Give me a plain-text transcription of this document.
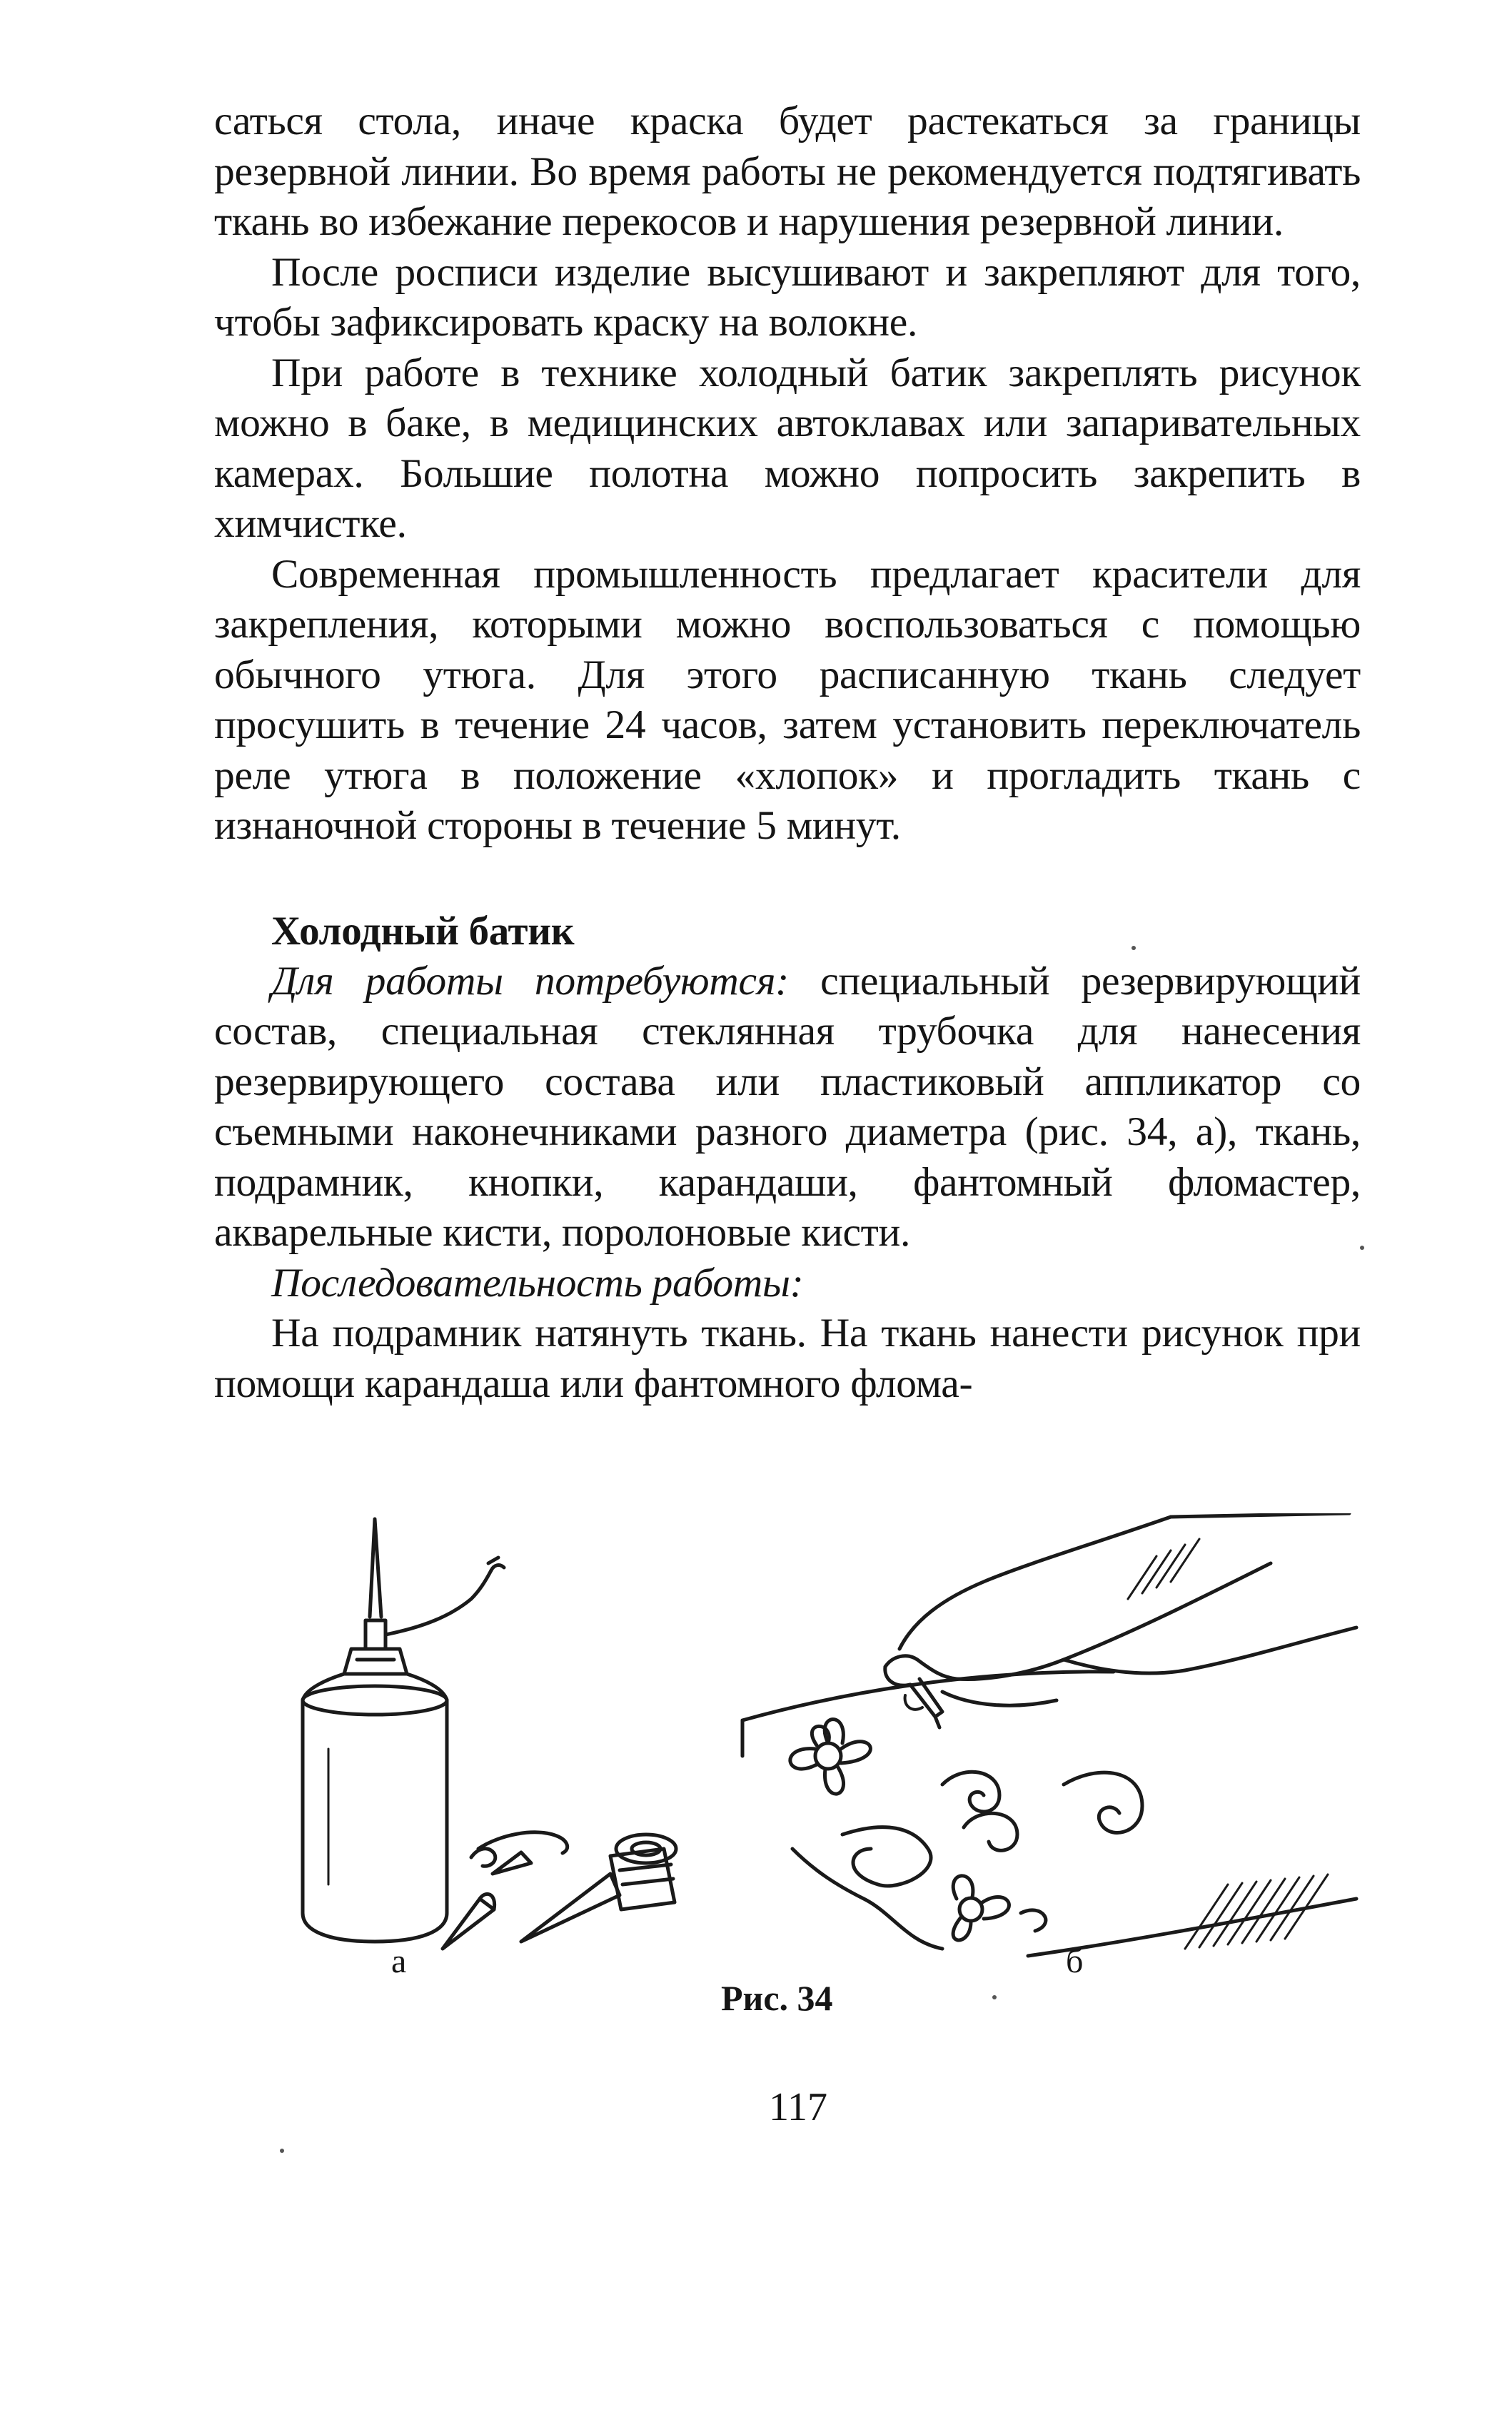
саться стола, иначе краска будет растекаться за границы резервной линии. Во время работы не рекомендуется подтягивать ткань во избежание перекосов и нарушения резервной линии.

После росписи изделие высушивают и закрепляют для того, чтобы зафиксировать краску на волокне.

При работе в технике холодный батик закреплять рисунок можно в баке, в медицинских автоклавах или запаривательных камерах. Большие полотна можно попросить закрепить в химчистке.

Современная промышленность предлагает красители для закрепления, которыми можно воспользоваться с помощью обычного утюга. Для этого расписанную ткань следует просушить в течение 24 часов, затем установить переключатель реле утюга в положение «хлопок» и прогладить ткань с изнаночной стороны в течение 5 минут.

Холодный батик

Для работы потребуются: специальный резервирующий состав, специальная стеклянная трубочка для нанесения резервирующего состава или пластиковый аппликатор со съемными наконечниками разного диаметра (рис. 34, а), ткань, подрамник, кнопки, карандаши, фантомный фломастер, акварельные кисти, поролоновые кисти.

Последовательность работы:

На подрамник натянуть ткань. На ткань нанести рисунок при помощи карандаша или фантомного флома-

а	б
Рис. 34
117
